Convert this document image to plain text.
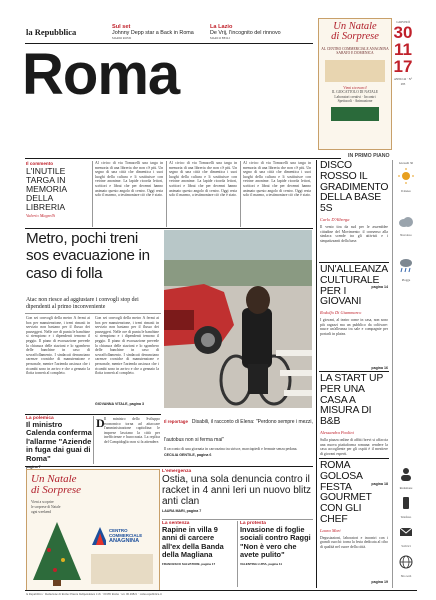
la Repubblica	Sul set
Johnny Depp star a Back in Roma
MARIO ROSSI
La Lazio
De Vrij, l'incognito del rinnovo
MARCO BELLI
Roma
IN PRIMO PIANO
Un Natale
di Sorprese
AL CENTRO COMMERCIALE ANAGNINA
SABATO E DOMENICA
Vieni a trovarci!
IL GIOCATTOLO DI NATALE
Laboratori creativi · Incontri
Spettacoli · Animazione
GIOVEDÌ
30
11
17
ANNO 42 · N° 283
Il commento
L'INUTILE TARGA IN MEMORIA DELLA LIBRERIA
Valerio Magrelli
Al civico di via Tomacelli una targa in memoria di una libreria che non c'è più. Un segno di una città che dimentica i suoi luoghi della cultura e li sostituisce con vetrine anonime. La lapide ricorda lettori, scrittori e librai che per decenni hanno animato questo angolo di centro. Oggi resta solo il marmo, a testimoniare ciò che è stato.
Al civico di via Tomacelli una targa in memoria di una libreria che non c'è più. Un segno di una città che dimentica i suoi luoghi della cultura e li sostituisce con vetrine anonime. La lapide ricorda lettori, scrittori e librai che per decenni hanno animato questo angolo di centro. Oggi resta solo il marmo, a testimoniare ciò che è stato.
Al civico di via Tomacelli una targa in memoria di una libreria che non c'è più. Un segno di una città che dimentica i suoi luoghi della cultura e li sostituisce con vetrine anonime. La lapide ricorda lettori, scrittori e librai che per decenni hanno animato questo angolo di centro. Oggi resta solo il marmo, a testimoniare ciò che è stato.
Metro, pochi treni sos evacuazione in caso di folla
Atac non riesce ad aggiustare i convogli stop dei dipendenti al primo inconveniente
Con sei convogli della metro A fermi ai box per manutenzione, i treni rimasti in servizio non bastano per il flusso dei passeggeri. Nelle ore di punta le banchine si riempiono e i dipendenti temono il peggio. Il piano di evacuazione prevede la chiusura delle stazioni e lo sgombero delle banchine in caso di sovraffollamento. I sindacati denunciano carenze croniche di manutenzione e personale, mentre l'azienda assicura che i ricambi sono in arrivo e che a gennaio la flotta tornerà al completo.
Con sei convogli della metro A fermi ai box per manutenzione, i treni rimasti in servizio non bastano per il flusso dei passeggeri. Nelle ore di punta le banchine si riempiono e i dipendenti temono il peggio. Il piano di evacuazione prevede la chiusura delle stazioni e lo sgombero delle banchine in caso di sovraffollamento. I sindacati denunciano carenze croniche di manutenzione e personale, mentre l'azienda assicura che i ricambi sono in arrivo e che a gennaio la flotta tornerà al completo.
GIOVANNA VITALE, pagina 3
Il reportage Disabili, il racconto di Elena: "Perdono sempre i mezzi, l'autobus non si ferma mai"
Il racconto di una giornata in carrozzina tra strisce, marciapiedi e fermate senza pedana.
CECILIA GENTILE, pagina 6
La polemica
Il ministro Calenda conferma l'allarme "Aziende in fuga dai guai di Roma"
pagina 7
D Il ministro dello Sviluppo economico torna ad attaccare l'amministrazione capitolina: le imprese lasciano la città per inefficienze e burocrazia. La replica del Campidoglio non si fa attendere.
Un Natale
di Sorprese
Vieni a scoprire
le sorprese di Natale
ogni weekend
CENTRO COMMERCIALE
ANAGNINA
L'emergenza
Ostia, una sola denuncia contro il racket in 4 anni Ieri un nuovo blitz anti clan
LAURA MARI, pagina 7
La sentenza
Rapine in villa 9 anni di carcere all'ex della Banda della Magliana
FRANCESCO SALVATORE, pagina 17
La protesta
Invasione di foglie sociali contro Raggi "Non è vero che avete pulito"
VALENTINA LUPIA, pagina 11
DISCO ROSSO IL GRADIMENTO DELLA BASE 5S
Carlo D'Alberga
Il vento tira da sud per le assemblee cittadine del Movimento: il consenso alla sindaca scende tra gli attivisti e i simpatizzanti della base.
pagina 14
UN'ALLEANZA CULTURALE PER I GIOVANI
Rodolfo Di Giammarco
I giovani, al teatro come in casa, non sono più ragazzi ma un pubblico da coltivare: nasce un'alleanza tra sale e compagnie per portarli in platea.
pagina 16
LA START UP PER UNA CASA A MISURA DI B&B
Alessandra Paolini
Sulla piazza online di affitti brevi si affaccia una nuova piattaforma romana: rendere la casa accogliente per gli ospiti è il mestiere di giovani esperti.
pagina 18
ROMA GOLOSA FESTA GOURMET CON GLI CHEF
Laura Mari
Degustazioni, laboratori e incontri con i grandi cuochi: torna la festa dedicata al cibo di qualità nel cuore della città.
pagina 19
Giovedì 30
Il meteo
Nuvoloso
Piogge
Redazione
Telefono
Scrivici
Sito web
la Repubblica · Redazione di Roma: Piazza Indipendenza 11/b · 00185 Roma · tel. 06 49821 · roma.repubblica.it
